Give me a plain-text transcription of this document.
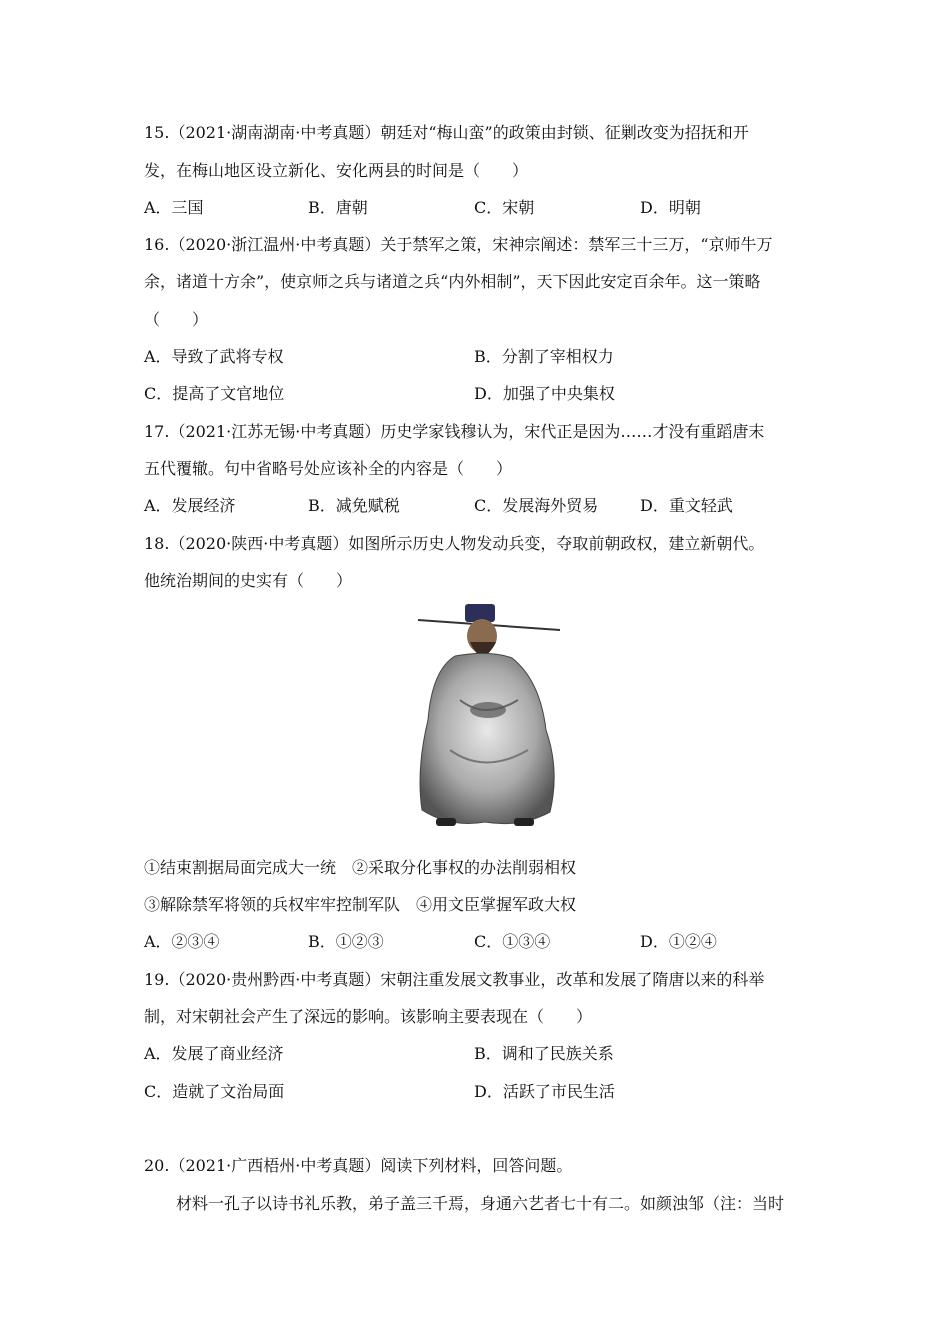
15.（2021·湖南湖南·中考真题）朝廷对“梅山蛮”的政策由封锁、征剿改变为招抚和开
发，在梅山地区设立新化、安化两县的时间是（　　）
A．三国	B．唐朝	C．宋朝	D．明朝
16.（2020·浙江温州·中考真题）关于禁军之策，宋神宗阐述：禁军三十三万，“京师牛万
余，诸道十方余”，使京师之兵与诸道之兵“内外相制”，天下因此安定百余年。这一策略
（　　）
A．导致了武将专权	B．分割了宰相权力
C．提高了文官地位	D．加强了中央集权
17.（2021·江苏无锡·中考真题）历史学家钱穆认为，宋代正是因为……才没有重蹈唐末
五代覆辙。句中省略号处应该补全的内容是（　　）
A．发展经济	B．减免赋税	C．发展海外贸易	D．重文轻武
18.（2020·陕西·中考真题）如图所示历史人物发动兵变，夺取前朝政权，建立新朝代。
他统治期间的史实有（　　）
①结束割据局面完成大一统　②采取分化事权的办法削弱相权
③解除禁军将领的兵权牢牢控制军队　④用文臣掌握军政大权
A．②③④	B．①②③	C．①③④	D．①②④
19.（2020·贵州黔西·中考真题）宋朝注重发展文教事业，改革和发展了隋唐以来的科举
制，对宋朝社会产生了深远的影响。该影响主要表现在（　　）
A．发展了商业经济	B．调和了民族关系
C．造就了文治局面	D．活跃了市民生活
20.（2021·广西梧州·中考真题）阅读下列材料，回答问题。
材料一孔子以诗书礼乐教，弟子盖三千焉，身通六艺者七十有二。如颜浊邹（注：当时
